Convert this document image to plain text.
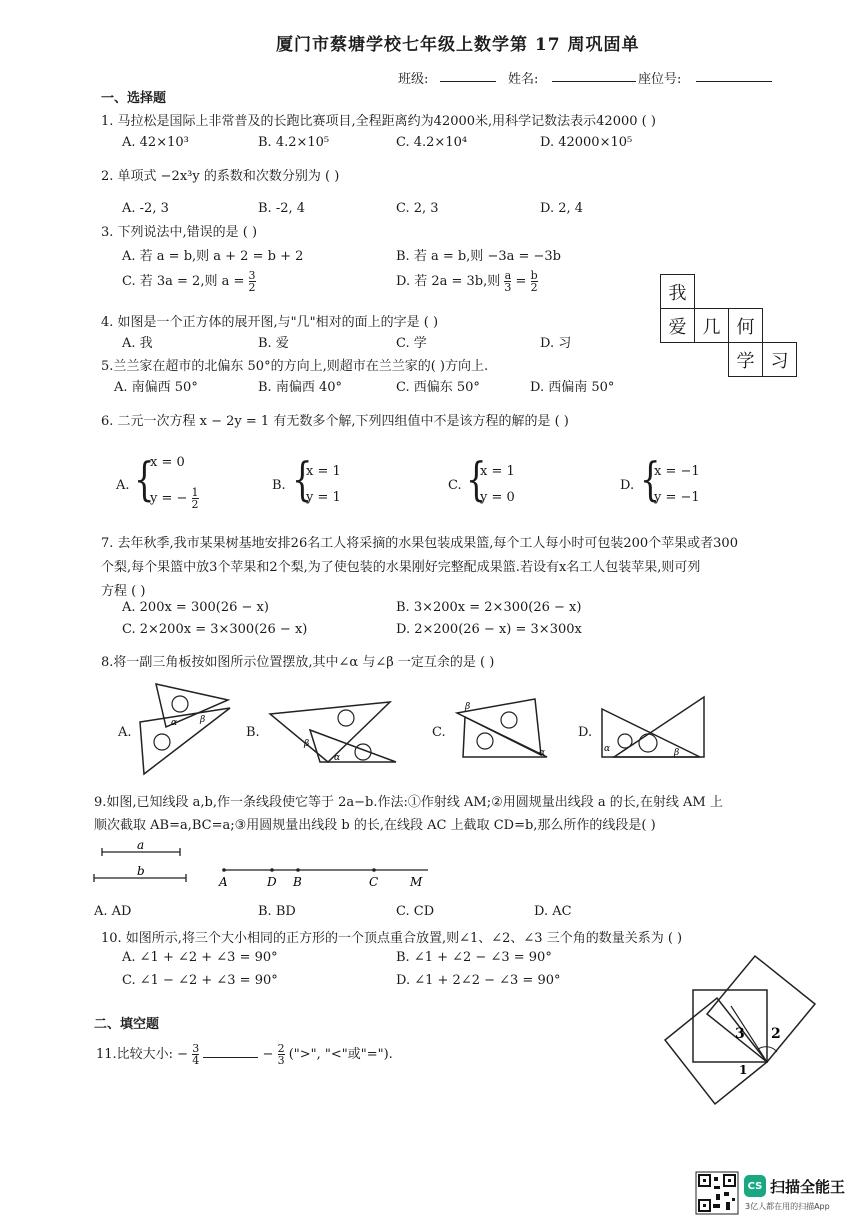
厦门市蔡塘学校七年级上数学第 17 周巩固单
班级:	姓名:	座位号:
一、选择题
1. 马拉松是国际上非常普及的长跑比赛项目,全程距离约为42000米,用科学记数法表示42000 ( )
A. 42×10³	B. 4.2×10⁵	C. 4.2×10⁴	D. 42000×10⁵
2. 单项式 −2x³y 的系数和次数分别为 ( )
A. -2, 3	B. -2, 4	C. 2, 3	D. 2, 4
3. 下列说法中,错误的是 ( )
A. 若 a = b,则 a + 2 = b + 2	B. 若 a = b,则 −3a = −3b
C. 若 3a = 2,则 $a = \frac{3}{2}$	D. 若 2a = 3b,则 $\frac{a}{3} = \frac{b}{2}$	我
爱 几 何
学 习
4. 如图是一个正方体的展开图,与"几"相对的面上的字是 ( )
A. 我	B. 爱	C. 学	D. 习
5.兰兰家在超市的北偏东 50°的方向上,则超市在兰兰家的( )方向上.
A. 南偏西 50°	B. 南偏西 40°	C. 西偏东 50°	D. 西偏南 50°
6. 二元一次方程 x − 2y = 1 有无数多个解,下列四组值中不是该方程的解的是 ( )
A. {
x = 0
y = − $\frac{1}{2}$
B. {
x = 1
y = 1
C. {
x = 1
y = 0
D. {
x = −1
y = −1
7. 去年秋季,我市某果树基地安排26名工人将采摘的水果包装成果篮,每个工人每小时可包装200个苹果或者300
个梨,每个果篮中放3个苹果和2个梨,为了使包装的水果刚好完整配成果篮.若设有x名工人包装苹果,则可列
方程 ( )
A. 200x = 300(26 − x)	B. 3×200x = 2×300(26 − x)
C. 2×200x = 3×300(26 − x)	D. 2×200(26 − x) = 3×300x
8.将一副三角板按如图所示位置摆放,其中∠α 与∠β 一定互余的是 ( )
A.	B.	C.	D.
α	β
β
α
β
α	α	β
9.如图,已知线段 a,b,作一条线段使它等于 2a−b.作法:①作射线 AM;②用圆规量出线段 a 的长,在射线 AM 上
顺次截取 AB=a,BC=a;③用圆规量出线段 b 的长,在线段 AC 上截取 CD=b,那么所作的线段是( )
a
b
A	D B	C	M
A. AD	B. BD	C. CD	D. AC
10. 如图所示,将三个大小相同的正方形的一个顶点重合放置,则∠1、∠2、∠3 三个角的数量关系为 ( )
A. ∠1 + ∠2 + ∠3 = 90°	B. ∠1 + ∠2 − ∠3 = 90°
C. ∠1 − ∠2 + ∠3 = 90°	D. ∠1 + 2∠2 − ∠3 = 90°
3 2
1
二、填空题
11.比较大小: − $\frac{3}{4}$	− $\frac{2}{3}$ (">", "<"或"=").
CS 扫描全能王
3亿人都在用的扫描App
